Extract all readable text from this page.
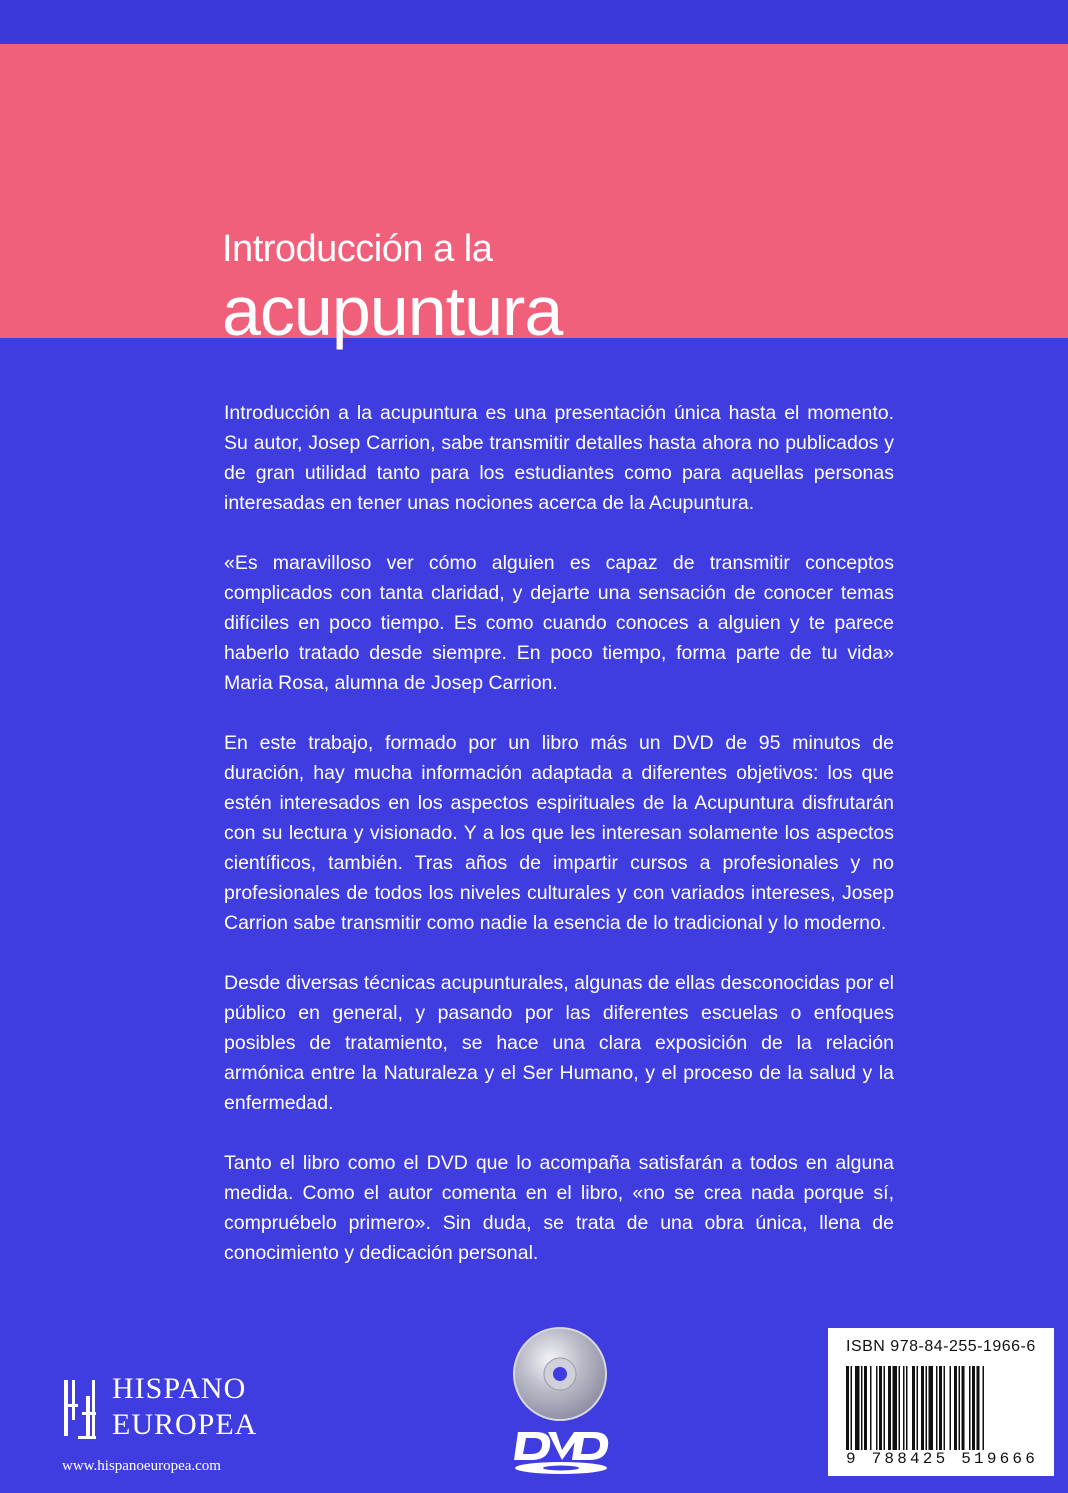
Introducción a la
acupuntura

Introducción a la acupuntura es una presentación única hasta el momento. Su autor, Josep Carrion, sabe transmitir detalles hasta ahora no publicados y de gran utilidad tanto para los estudiantes como para aquellas personas interesadas en tener unas nociones acerca de la Acupuntura.

«Es maravilloso ver cómo alguien es capaz de transmitir conceptos complicados con tanta claridad, y dejarte una sensación de conocer temas difíciles en poco tiempo. Es como cuando conoces a alguien y te parece haberlo tratado desde siempre. En poco tiempo, forma parte de tu vida» Maria Rosa, alumna de Josep Carrion.

En este trabajo, formado por un libro más un DVD de 95 minutos de duración, hay mucha información adaptada a diferentes objetivos: los que estén interesados en los aspectos espirituales de la Acupuntura disfrutarán con su lectura y visionado. Y a los que les interesan solamente los aspectos científicos, también. Tras años de impartir cursos a profesionales y no profesionales de todos los niveles culturales y con variados intereses, Josep Carrion sabe transmitir como nadie la esencia de lo tradicional y lo moderno.

Desde diversas técnicas acupunturales, algunas de ellas desconocidas por el público en general, y pasando por las diferentes escuelas o enfoques posibles de tratamiento, se hace una clara exposición de la relación armónica entre la Naturaleza y el Ser Humano, y el proceso de la salud y la enfermedad.

Tanto el libro como el DVD que lo acompaña satisfarán a todos en alguna medida. Como el autor comenta en el libro, «no se crea nada porque sí, compruébelo primero». Sin duda, se trata de una obra única, llena de conocimiento y dedicación personal.

HISPANO
EUROPEA
www.hispanoeuropea.com
ISBN 978-84-255-1966-6
9 788425 519666
